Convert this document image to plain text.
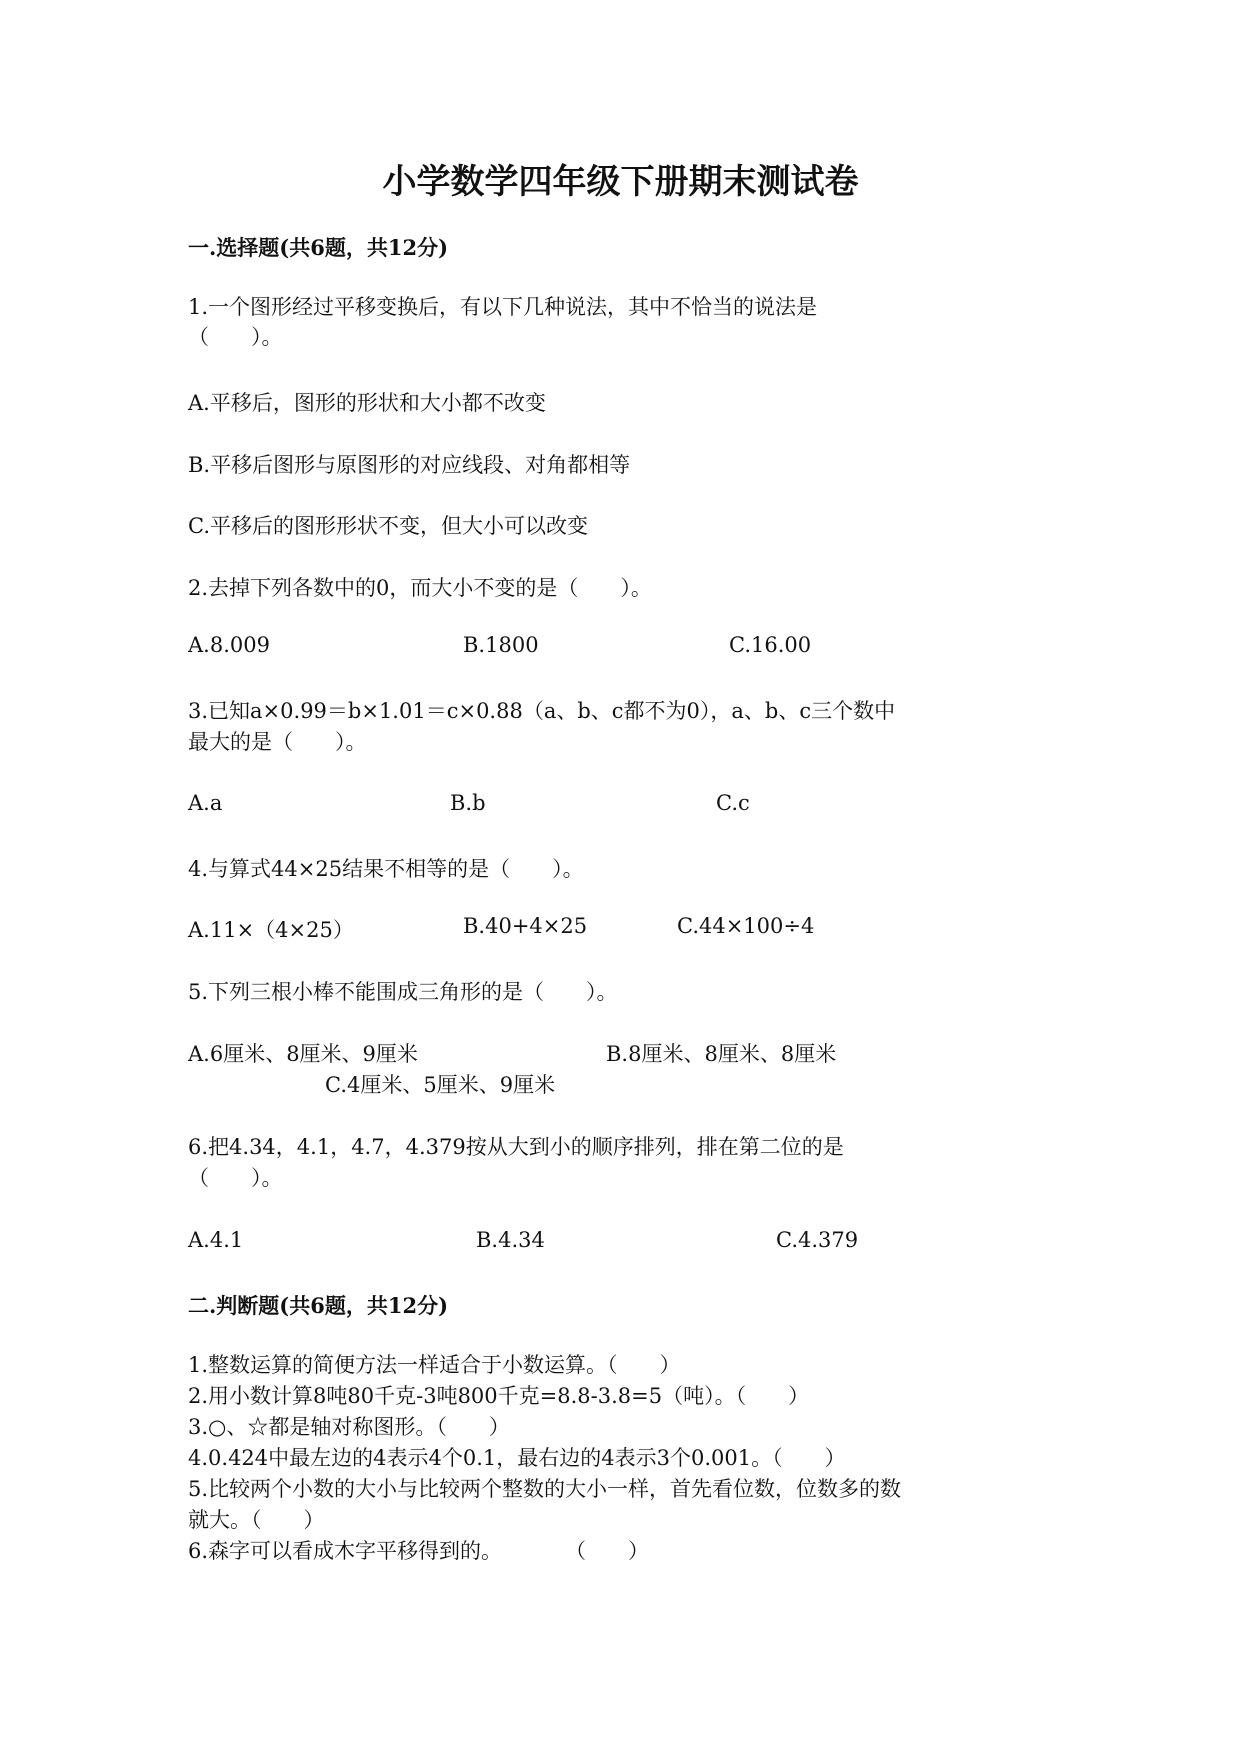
小学数学四年级下册期末测试卷
一.选择题(共6题，共12分)
1.一个图形经过平移变换后，有以下几种说法，其中不恰当的说法是
（　　）。
A.平移后，图形的形状和大小都不改变
B.平移后图形与原图形的对应线段、对角都相等
C.平移后的图形形状不变，但大小可以改变
2.去掉下列各数中的0，而大小不变的是（　　）。
A.8.009	B.1800	C.16.00
3.已知a×0.99＝b×1.01＝c×0.88（a、b、c都不为0），a、b、c三个数中
最大的是（　　）。
A.a	B.b	C.c
4.与算式44×25结果不相等的是（　　）。
A.11×（4×25）	B.40+4×25	C.44×100÷4
5.下列三根小棒不能围成三角形的是（　　）。
A.6厘米、8厘米、9厘米	B.8厘米、8厘米、8厘米
C.4厘米、5厘米、9厘米
6.把4.34，4.1，4.7，4.379按从大到小的顺序排列，排在第二位的是
（　　）。
A.4.1	B.4.34	C.4.379
二.判断题(共6题，共12分)
1.整数运算的简便方法一样适合于小数运算。（　　）
2.用小数计算8吨80千克-3吨800千克=8.8-3.8=5（吨）。（　　）
3.○、☆都是轴对称图形。（　　）
4.0.424中最左边的4表示4个0.1，最右边的4表示3个0.001。（　　）
5.比较两个小数的大小与比较两个整数的大小一样，首先看位数，位数多的数
就大。（　　）
6.森字可以看成木字平移得到的。　　　　（　　）
